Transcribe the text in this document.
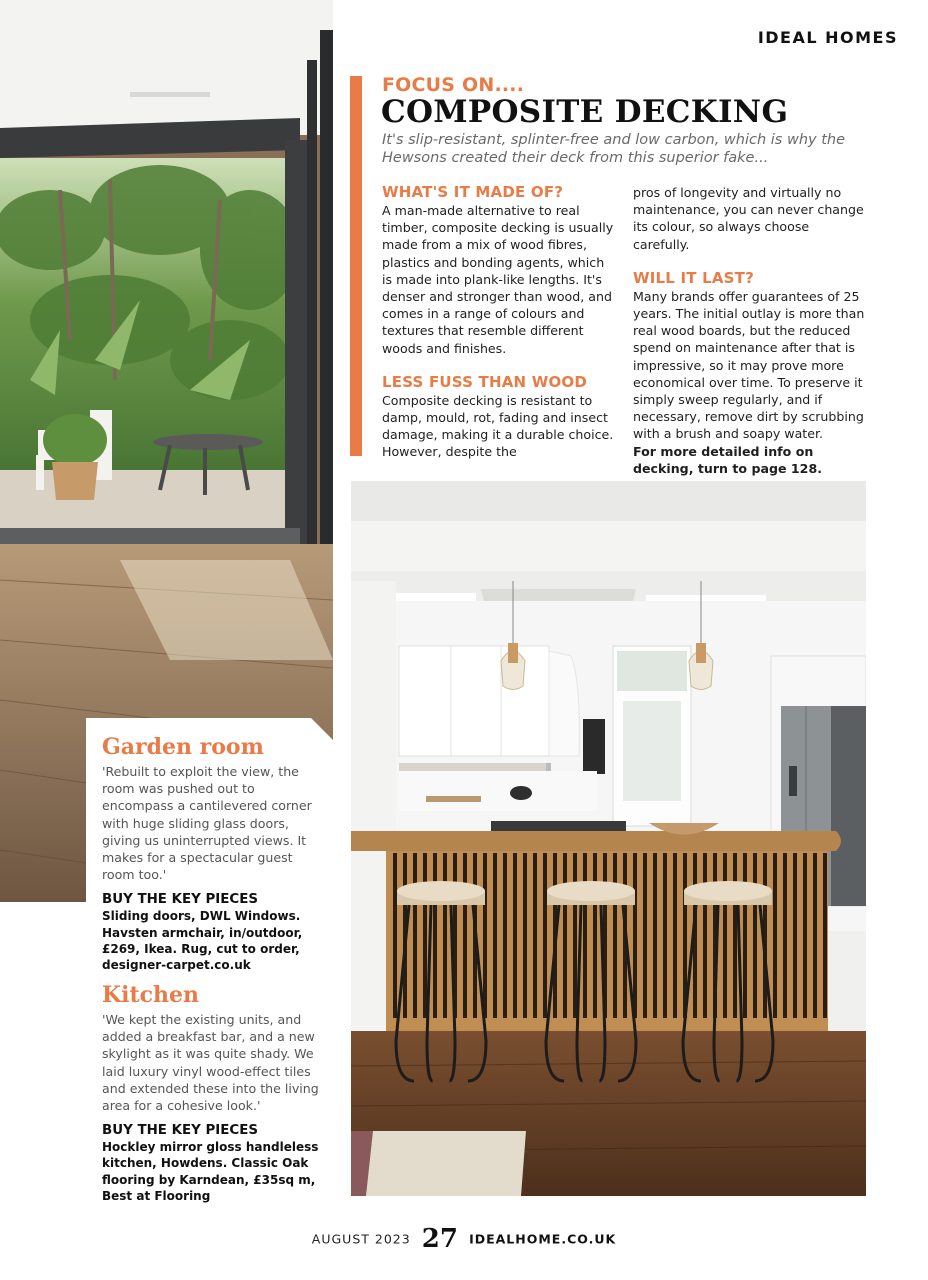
IDEAL HOMES
FOCUS ON....
COMPOSITE DECKING
It's slip-resistant, splinter-free and low carbon, which is why the Hewsons created their deck from this superior fake...
WHAT'S IT MADE OF?

A man-made alternative to real timber, composite decking is usually made from a mix of wood fibres, plastics and bonding agents, which is made into plank-like lengths. It's denser and stronger than wood, and comes in a range of colours and textures that resemble different woods and finishes.

LESS FUSS THAN WOOD

Composite decking is resistant to damp, mould, rot, fading and insect damage, making it a durable choice. However, despite the

pros of longevity and virtually no maintenance, you can never change its colour, so always choose carefully.

WILL IT LAST?

Many brands offer guarantees of 25 years. The initial outlay is more than real wood boards, but the reduced spend on maintenance after that is impressive, so it may prove more economical over time. To preserve it simply sweep regularly, and if necessary, remove dirt by scrubbing with a brush and soapy water.

For more detailed info on decking, turn to page 128.

Garden room

'Rebuilt to exploit the view, the room was pushed out to encompass a cantilevered corner with huge sliding glass doors, giving us uninterrupted views. It makes for a spectacular guest room too.'

BUY THE KEY PIECES

Sliding doors, DWL Windows. Havsten armchair, in/outdoor, £269, Ikea. Rug, cut to order, designer-carpet.co.uk

Kitchen

'We kept the existing units, and added a breakfast bar, and a new skylight as it was quite shady. We laid luxury vinyl wood-effect tiles and extended these into the living area for a cohesive look.'

BUY THE KEY PIECES

Hockley mirror gloss handleless kitchen, Howdens. Classic Oak flooring by Karndean, £35sq m, Best at Flooring

AUGUST 2023 27 IDEALHOME.CO.UK
